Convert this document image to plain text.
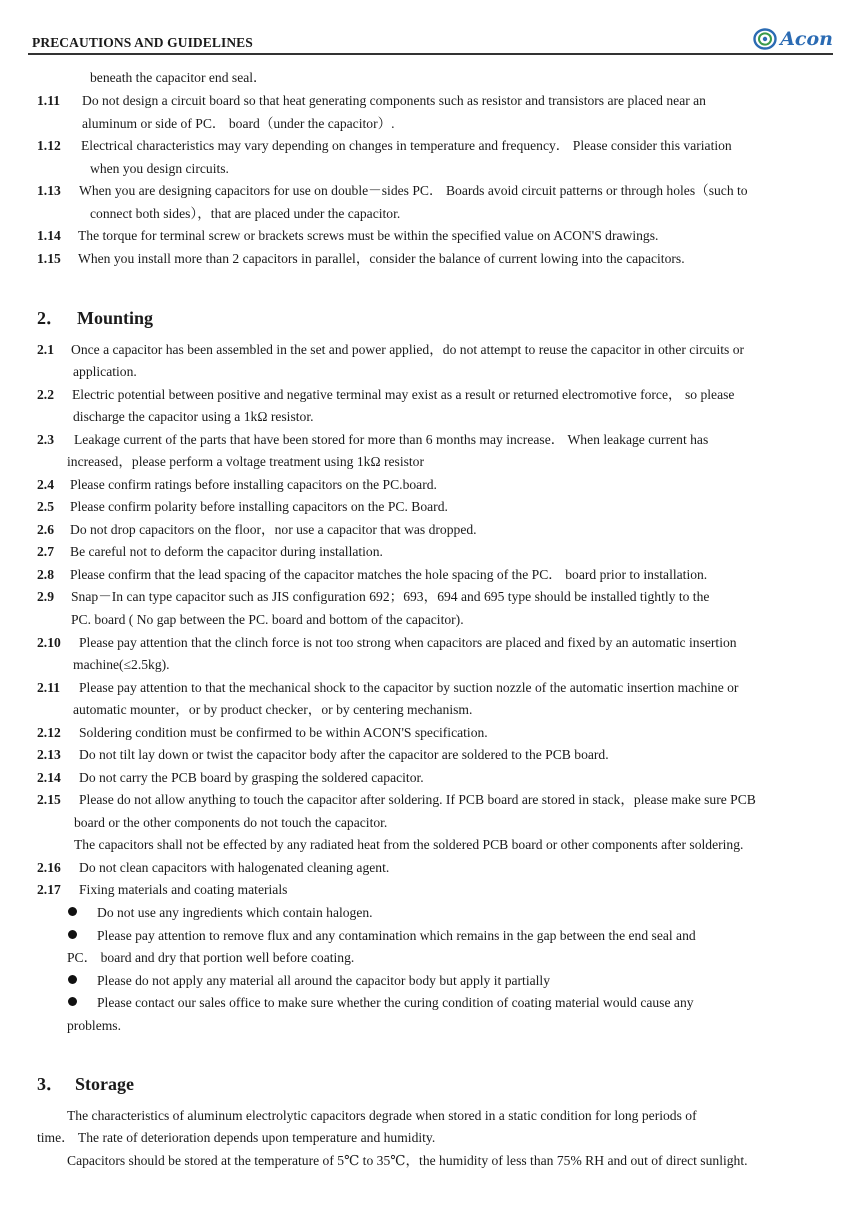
PRECAUTIONS AND GUIDELINES	Acon
beneath the capacitor end seal．
1.11 Do not design a circuit board so that heat generating components such as resistor and transistors are placed near an
aluminum or side of PC． board（under the capacitor）.
1.12 Electrical characteristics may vary depending on changes in temperature and frequency． Please consider this variation
when you design circuits.
1.13 When you are designing capacitors for use on double－sides PC． Boards avoid circuit patterns or through holes（such to
connect both sides），that are placed under the capacitor.
1.14 The torque for terminal screw or brackets screws must be within the specified value on ACON'S drawings.
1.15 When you install more than 2 capacitors in parallel，consider the balance of current lowing into the capacitors.
2． Mounting
2.1 Once a capacitor has been assembled in the set and power applied，do not attempt to reuse the capacitor in other circuits or
application.
2.2 Electric potential between positive and negative terminal may exist as a result or returned electromotive force， so please
discharge the capacitor using a 1kΩ resistor.
2.3 Leakage current of the parts that have been stored for more than 6 months may increase． When leakage current has
increased，please perform a voltage treatment using 1kΩ resistor
2.4 Please confirm ratings before installing capacitors on the PC.board.
2.5 Please confirm polarity before installing capacitors on the PC. Board.
2.6 Do not drop capacitors on the floor，nor use a capacitor that was dropped.
2.7 Be careful not to deform the capacitor during installation.
2.8 Please confirm that the lead spacing of the capacitor matches the hole spacing of the PC． board prior to installation.
2.9 Snap－In can type capacitor such as JIS configuration 692；693，694 and 695 type should be installed tightly to the
PC. board ( No gap between the PC. board and bottom of the capacitor).
2.10 Please pay attention that the clinch force is not too strong when capacitors are placed and fixed by an automatic insertion
machine(≤2.5kg).
2.11 Please pay attention to that the mechanical shock to the capacitor by suction nozzle of the automatic insertion machine or
automatic mounter，or by product checker，or by centering mechanism.
2.12 Soldering condition must be confirmed to be within ACON'S specification.
2.13 Do not tilt lay down or twist the capacitor body after the capacitor are soldered to the PCB board.
2.14 Do not carry the PCB board by grasping the soldered capacitor.
2.15 Please do not allow anything to touch the capacitor after soldering. If PCB board are stored in stack，please make sure PCB
board or the other components do not touch the capacitor.
The capacitors shall not be effected by any radiated heat from the soldered PCB board or other components after soldering.
2.16 Do not clean capacitors with halogenated cleaning agent.
2.17 Fixing materials and coating materials
Do not use any ingredients which contain halogen.
Please pay attention to remove flux and any contamination which remains in the gap between the end seal and
PC． board and dry that portion well before coating.
Please do not apply any material all around the capacitor body but apply it partially
Please contact our sales office to make sure whether the curing condition of coating material would cause any
problems.
3． Storage
The characteristics of aluminum electrolytic capacitors degrade when stored in a static condition for long periods of
time． The rate of deterioration depends upon temperature and humidity.
Capacitors should be stored at the temperature of 5℃ to 35℃，the humidity of less than 75% RH and out of direct sunlight.
